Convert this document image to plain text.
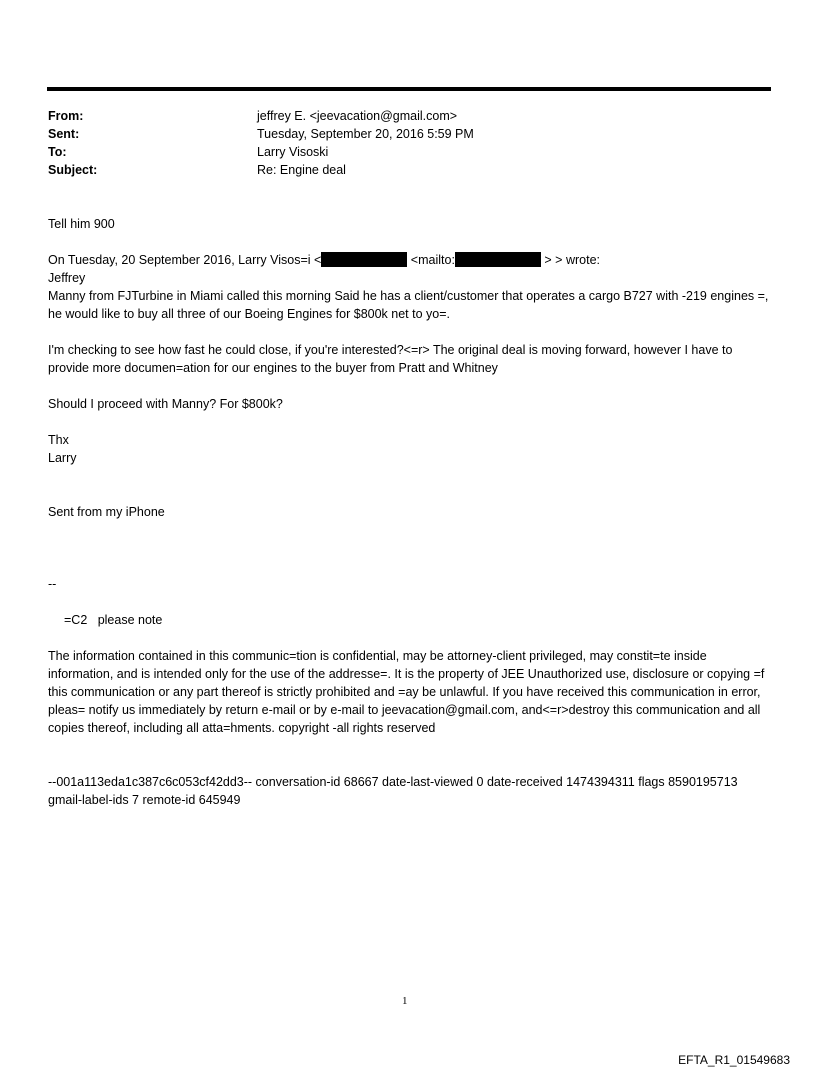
From:	jeffrey E. <jeevacation@gmail.com>
Sent:	Tuesday, September 20, 2016 5:59 PM
To:	Larry Visoski
Subject:	Re: Engine deal

Tell him 900

On Tuesday, 20 September 2016, Larry Visos=i <	<mailto:	> > wrote:

Jeffrey

Manny from FJTurbine in Miami called this morning Said he has a client/customer that operates a cargo B727 with -219 engines =, he would like to buy all three of our Boeing Engines for $800k net to yo=.

I'm checking to see how fast he could close, if you're interested?<=r> The original deal is moving forward, however I have to provide more documen=ation for our engines to the buyer from Pratt and Whitney

Should I proceed with Manny? For $800k?

Thx

Larry

Sent from my iPhone

--

=C2   please note

The information contained in this communic=tion is confidential, may be attorney-client privileged, may constit=te inside information, and is intended only for the use of the addresse=. It is the property of JEE Unauthorized use, disclosure or copying =f this communication or any part thereof is strictly prohibited and =ay be unlawful. If you have received this communication in error, pleas= notify us immediately by return e-mail or by e-mail to jeevacation@gmail.com, and<=r>destroy this communication and all copies thereof, including all atta=hments. copyright -all rights reserved

--001a113eda1c387c6c053cf42dd3-- conversation-id 68667 date-last-viewed 0 date-received 1474394311 flags 8590195713 gmail-label-ids 7 remote-id 645949

1
EFTA_R1_01549683
